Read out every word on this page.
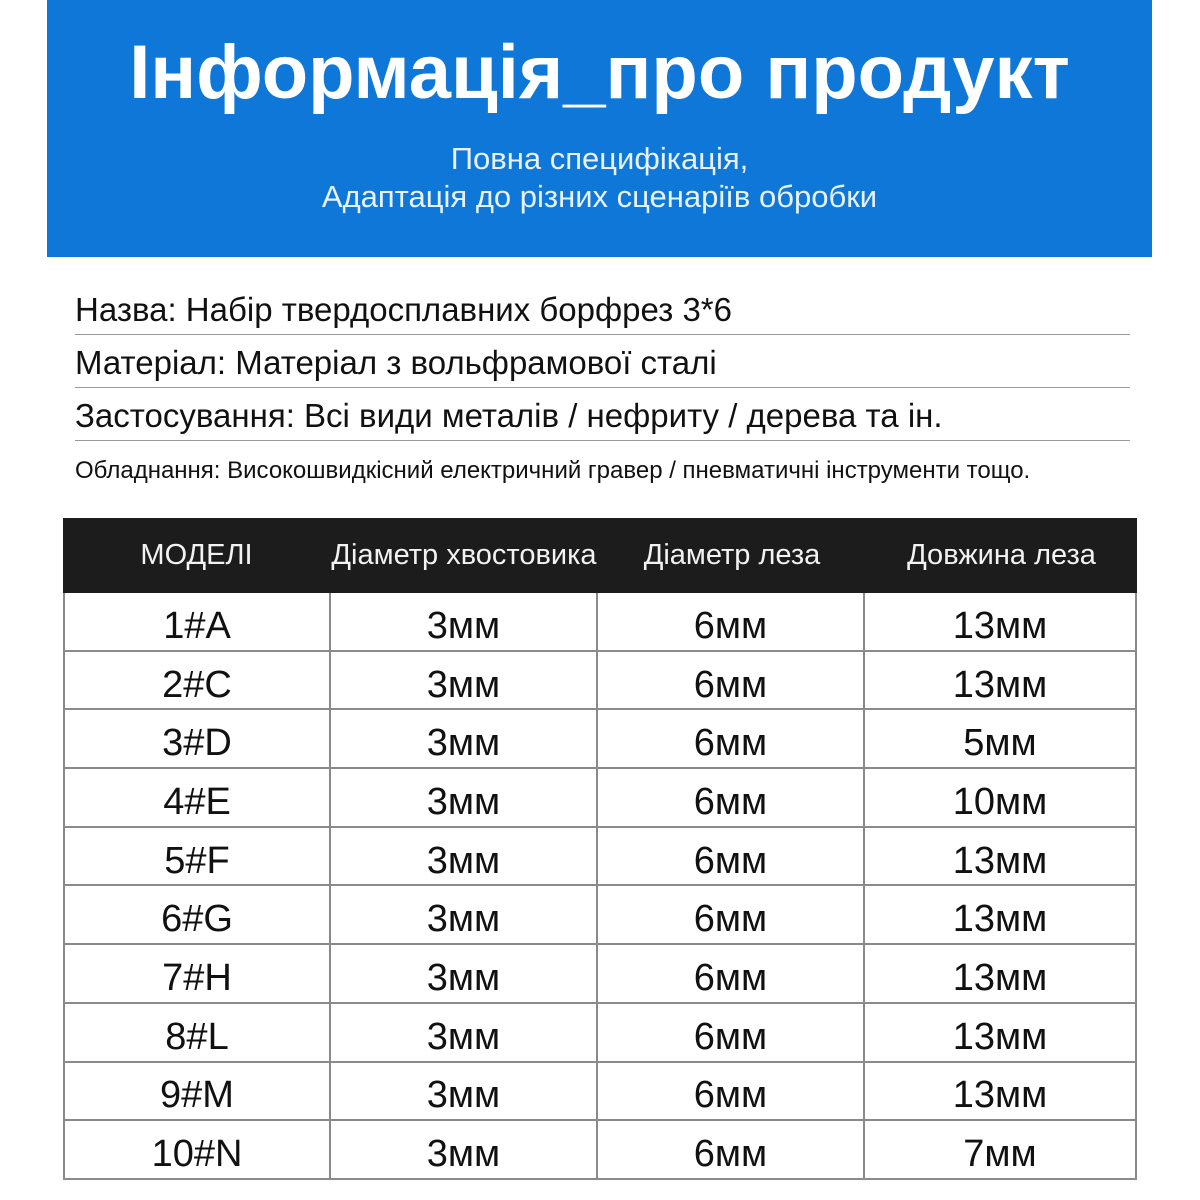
Інформація_про продукт
Повна специфікація,
Адаптація до різних сценаріїв обробки
Назва: Набір твердосплавних борфрез 3*6
Матеріал: Матеріал з вольфрамової сталі
Застосування: Всі види металів / нефриту / дерева та ін.
Обладнання: Високошвидкісний електричний гравер / пневматичні інструменти тощо.
МОДЕЛІ	Діаметр хвостовика	Діаметр леза	Довжина леза
1#A	3мм	6мм	13мм
2#C	3мм	6мм	13мм
3#D	3мм	6мм	5мм
4#E	3мм	6мм	10мм
5#F	3мм	6мм	13мм
6#G	3мм	6мм	13мм
7#H	3мм	6мм	13мм
8#L	3мм	6мм	13мм
9#M	3мм	6мм	13мм
10#N	3мм	6мм	7мм
